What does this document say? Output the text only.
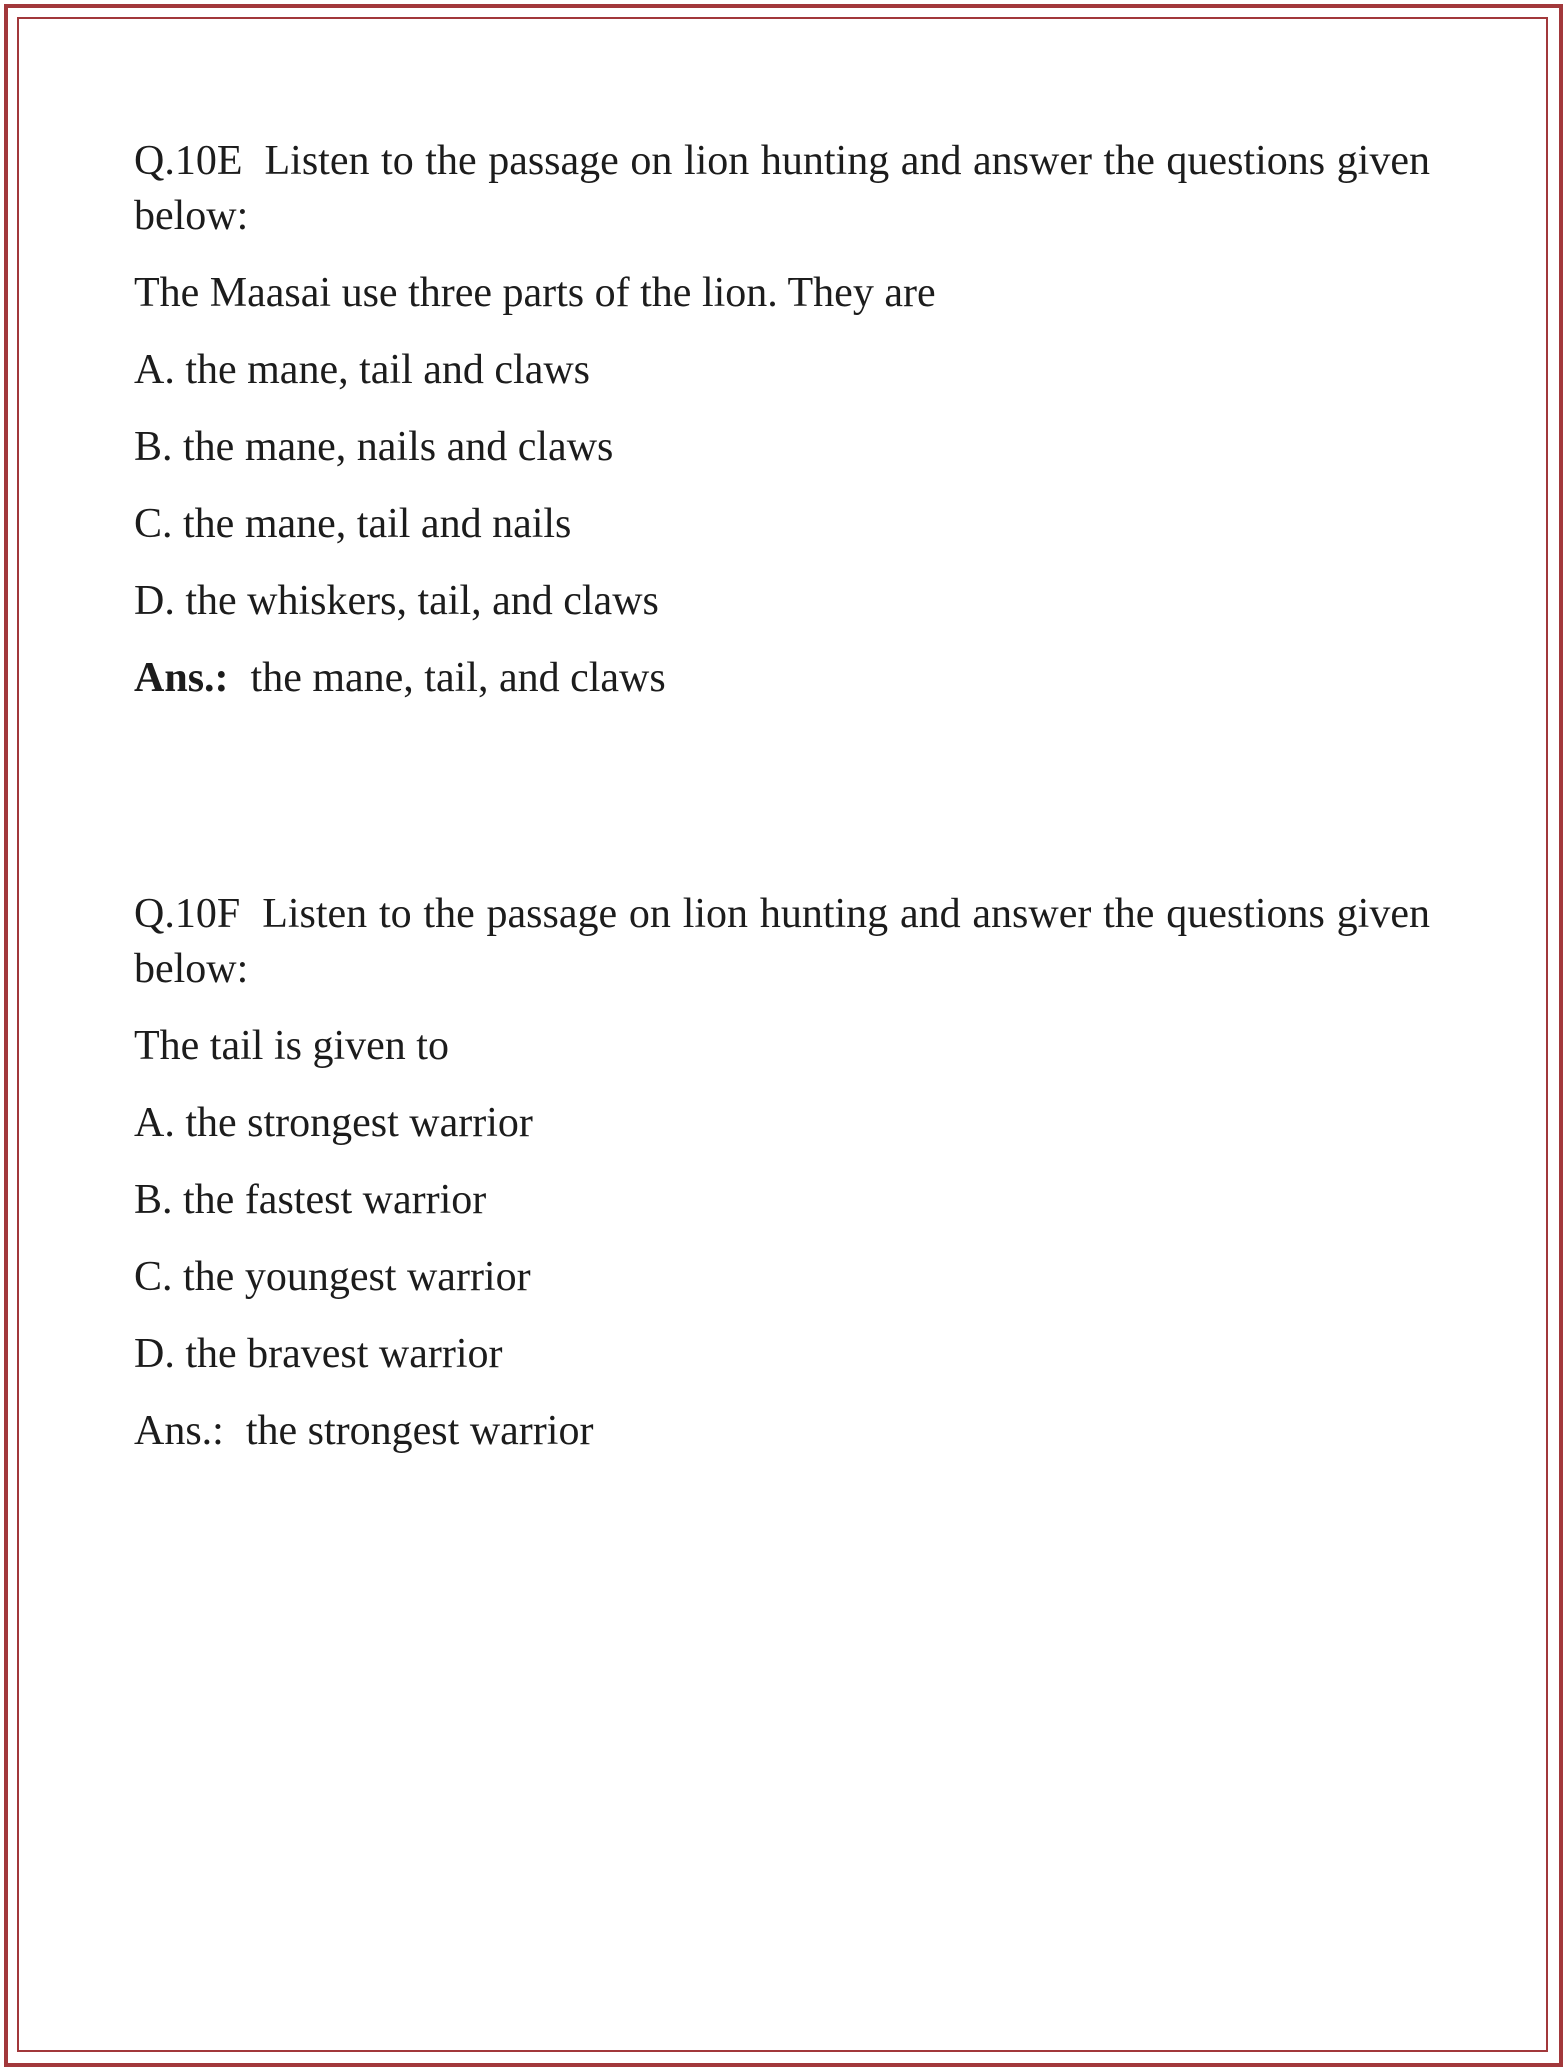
Q.10E Listen to the passage on lion hunting and answer the questions given below:

The Maasai use three parts of the lion. They are

A. the mane, tail and claws

B. the mane, nails and claws

C. the mane, tail and nails

D. the whiskers, tail, and claws

Ans.: the mane, tail, and claws

Q.10F Listen to the passage on lion hunting and answer the questions given below:

The tail is given to

A. the strongest warrior

B. the fastest warrior

C. the youngest warrior

D. the bravest warrior

Ans.: the strongest warrior
